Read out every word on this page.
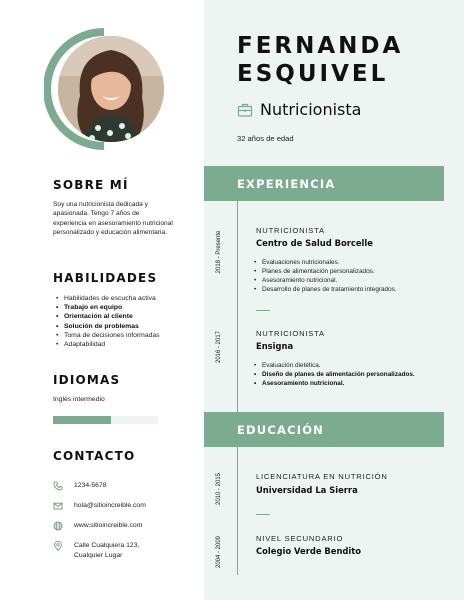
SOBRE MÍ
Soy una nutricionista dedicada y apasionada. Tengo 7 años de experiencia en asesoramiento nutricional personalizado y educación alimentaria.
HABILIDADES
• Habilidades de escucha activa
• Trabajo en equipo
• Orientación al cliente
• Solución de problemas
• Toma de decisiones informadas
• Adaptabilidad
IDIOMAS
Inglés intermedio
CONTACTO
1234-5678
hola@sitioincreible.com
www.sitioincreible.com
Calle Cualquiera 123,
Cualquier Lugar
FERNANDA
ESQUIVEL
Nutricionista
32 años de edad
EXPERIENCIA
2018 - Presente
NUTRICIONISTA
Centro de Salud Borcelle
• Evaluaciones nutricionales.
• Planes de alimentación personalizados.
• Asesoramiento nutricional.
• Desarrollo de planes de tratamiento integrados.
2016 - 2017	NUTRICIONISTA
Ensigna
• Evaluación dietética.
• Diseño de planes de alimentación personalizados.
• Asesoramiento nutricional.
EDUCACIÓN
2010 - 2015	LICENCIATURA EN NUTRICIÓN
Universidad La Sierra
2004 - 2009	NIVEL SECUNDARIO
Colegio Verde Bendito
